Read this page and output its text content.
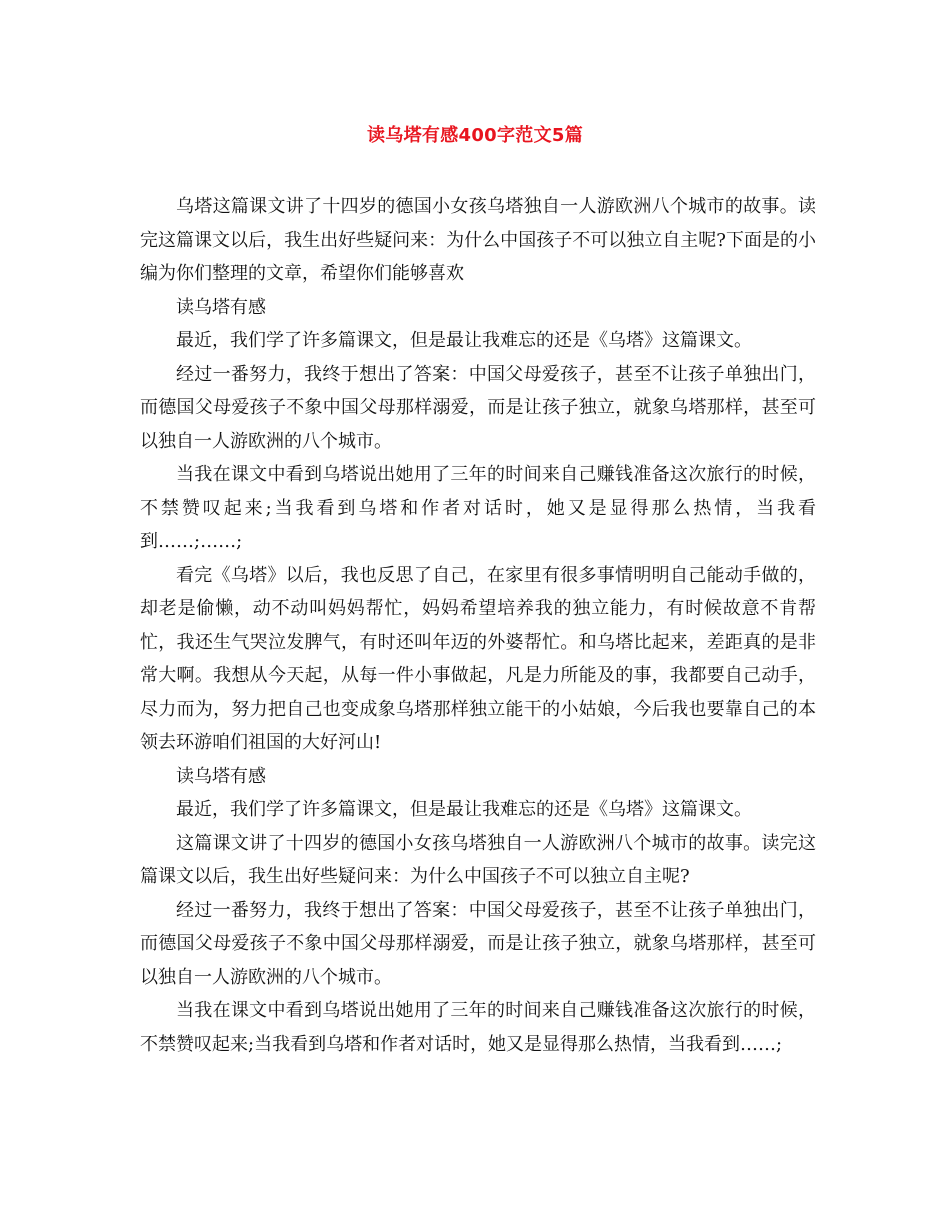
读乌塔有感400字范文5篇

乌塔这篇课文讲了十四岁的德国小女孩乌塔独自一人游欧洲八个城市的故事。读完这篇课文以后，我生出好些疑问来：为什么中国孩子不可以独立自主呢?下面是的小编为你们整理的文章，希望你们能够喜欢

读乌塔有感

最近，我们学了许多篇课文，但是最让我难忘的还是《乌塔》这篇课文。

经过一番努力，我终于想出了答案：中国父母爱孩子，甚至不让孩子单独出门，而德国父母爱孩子不象中国父母那样溺爱，而是让孩子独立，就象乌塔那样，甚至可以独自一人游欧洲的八个城市。

当我在课文中看到乌塔说出她用了三年的时间来自己赚钱准备这次旅行的时候，不禁赞叹起来;当我看到乌塔和作者对话时，她又是显得那么热情，当我看到……;……;

看完《乌塔》以后，我也反思了自己，在家里有很多事情明明自己能动手做的，却老是偷懒，动不动叫妈妈帮忙，妈妈希望培养我的独立能力，有时候故意不肯帮忙，我还生气哭泣发脾气，有时还叫年迈的外婆帮忙。和乌塔比起来，差距真的是非常大啊。我想从今天起，从每一件小事做起，凡是力所能及的事，我都要自己动手，尽力而为，努力把自己也变成象乌塔那样独立能干的小姑娘，今后我也要靠自己的本领去环游咱们祖国的大好河山!

读乌塔有感

最近，我们学了许多篇课文，但是最让我难忘的还是《乌塔》这篇课文。

这篇课文讲了十四岁的德国小女孩乌塔独自一人游欧洲八个城市的故事。读完这篇课文以后，我生出好些疑问来：为什么中国孩子不可以独立自主呢?

经过一番努力，我终于想出了答案：中国父母爱孩子，甚至不让孩子单独出门，而德国父母爱孩子不象中国父母那样溺爱，而是让孩子独立，就象乌塔那样，甚至可以独自一人游欧洲的八个城市。

当我在课文中看到乌塔说出她用了三年的时间来自己赚钱准备这次旅行的时候，不禁赞叹起来;当我看到乌塔和作者对话时，她又是显得那么热情，当我看到……;
